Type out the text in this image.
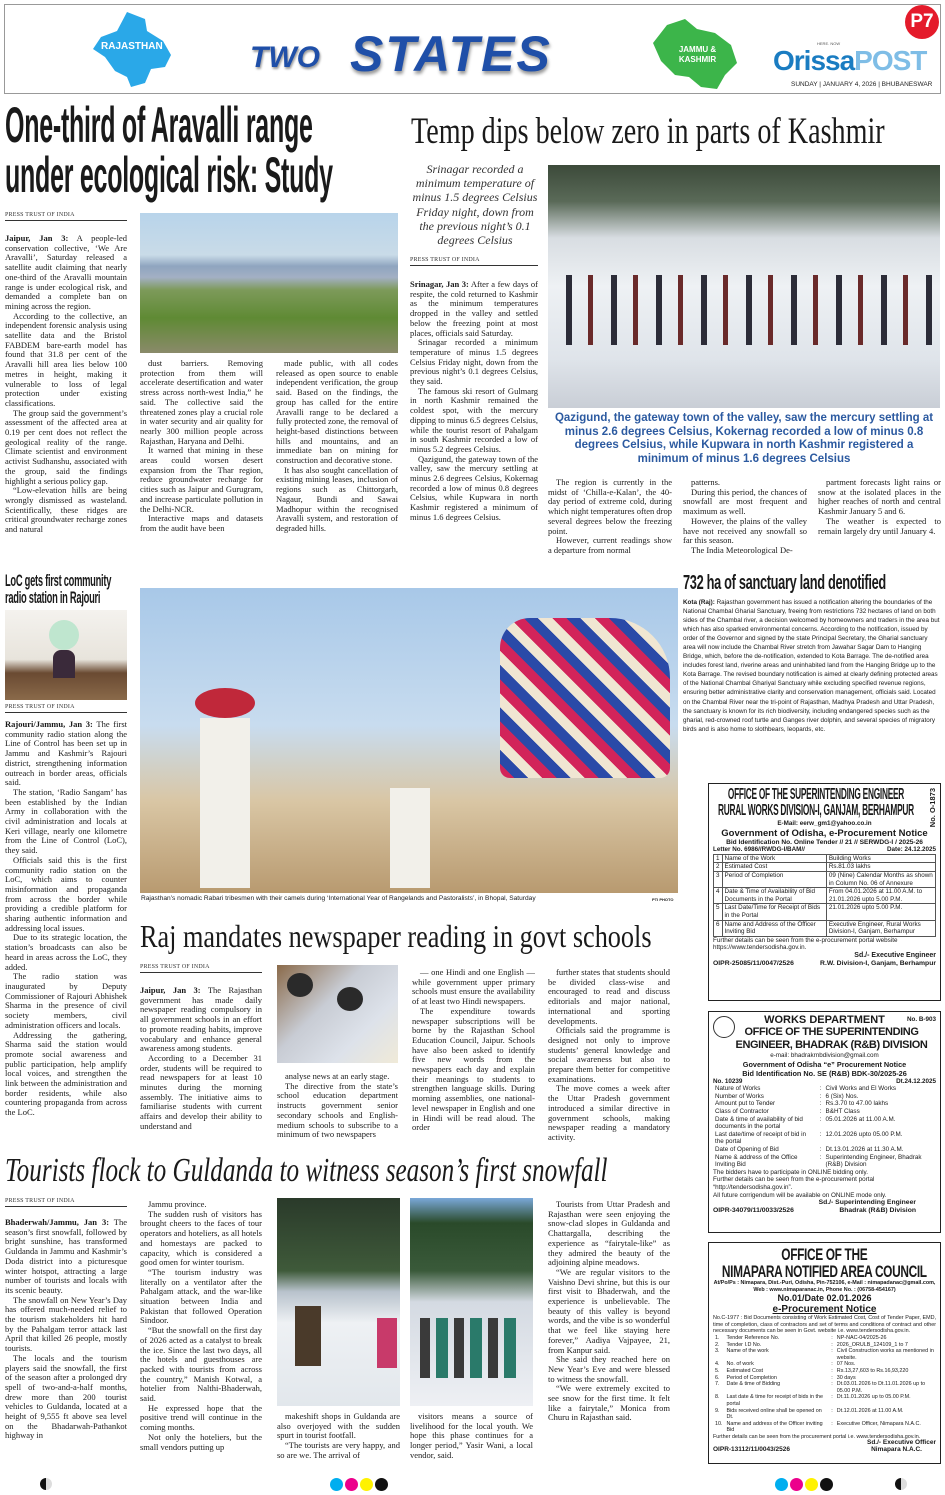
RAJASTHAN	TWO STATES	JAMMU &
KASHMIR
P7
OrissaPOST
HERE. NOW
SUNDAY | JANUARY 4, 2026 | BHUBANESWAR
One-third of Aravalli range
under ecological risk: Study
PRESS TRUST OF INDIA

Jaipur, Jan 3: A people-led conservation collective, ‘We Are Aravalli’, Saturday released a satellite audit claiming that nearly one-third of the Aravalli mountain range is under ecological risk, and demanded a complete ban on mining across the region.

According to the collective, an independent forensic analysis using satellite data and the Bristol FABDEM bare-earth model has found that 31.8 per cent of the Aravalli hill area lies below 100 metres in height, making it vulnerable to loss of legal protection under existing classifications.

The group said the government’s assessment of the affected area at 0.19 per cent does not reflect the geological reality of the range. Climate scientist and environment activist Sudhanshu, associated with the group, said the findings highlight a serious policy gap.

“Low-elevation hills are being wrongly dismissed as wasteland. Scientifically, these ridges are critical groundwater recharge zones and natural

dust barriers. Removing protection from them will accelerate desertification and water stress across north-west India,” he said. The collective said the threatened zones play a crucial role in water security and air quality for nearly 300 million people across Rajasthan, Haryana and Delhi.

It warned that mining in these areas could worsen desert expansion from the Thar region, reduce groundwater recharge for cities such as Jaipur and Gurugram, and increase particulate pollution in the Delhi-NCR.

Interactive maps and datasets from the audit have been

made public, with all codes released as open source to enable independent verification, the group said. Based on the findings, the group has called for the entire Aravalli range to be declared a fully protected zone, the removal of height-based distinctions between hills and mountains, and an immediate ban on mining for construction and decorative stone.

It has also sought cancellation of existing mining leases, inclusion of regions such as Chittorgarh, Nagaur, Bundi and Sawai Madhopur within the recognised Aravalli system, and restoration of degraded hills.

Temp dips below zero in parts of Kashmir
Srinagar recorded a minimum temperature of minus 1.5 degrees Celsius Friday night, down from the previous night’s 0.1 degrees Celsius
PRESS TRUST OF INDIA

Srinagar, Jan 3: After a few days of respite, the cold returned to Kashmir as the minimum temperatures dropped in the valley and settled below the freezing point at most places, officials said Saturday.

Srinagar recorded a minimum temperature of minus 1.5 degrees Celsius Friday night, down from the previous night’s 0.1 degrees Celsius, they said.

The famous ski resort of Gulmarg in north Kashmir remained the coldest spot, with the mercury dipping to minus 6.5 degrees Celsius, while the tourist resort of Pahalgam in south Kashmir recorded a low of minus 5.2 degrees Celsius.

Qazigund, the gateway town of the valley, saw the mercury settling at minus 2.6 degrees Celsius, Kokernag recorded a low of minus 0.8 degrees Celsius, while Kupwara in north Kashmir registered a minimum of minus 1.6 degrees Celsius.

Qazigund, the gateway town of the valley, saw the mercury settling at minus 2.6 degrees Celsius, Kokernag recorded a low of minus 0.8 degrees Celsius, while Kupwara in north Kashmir registered a minimum of minus 1.6 degrees Celsius

The region is currently in the midst of ‘Chilla-e-Kalan’, the 40-day period of extreme cold, during which night temperatures often drop several degrees below the freezing point.

However, current readings show a departure from normal

patterns.

During this period, the chances of snowfall are most frequent and maximum as well.

However, the plains of the valley have not received any snowfall so far this season.

The India Meteorological De-

partment forecasts light rains or snow at the isolated places in the higher reaches of north and central Kashmir January 5 and 6.

The weather is expected to remain largely dry until January 4.

LoC gets first community
radio station in Rajouri
PRESS TRUST OF INDIA

Rajouri/Jammu, Jan 3: The first community radio station along the Line of Control has been set up in Jammu and Kashmir’s Rajouri district, strengthening information outreach in border areas, officials said.

The station, ‘Radio Sangam’ has been established by the Indian Army in collaboration with the civil administration and locals at Keri village, nearly one kilometre from the Line of Control (LoC), they said.

Officials said this is the first community radio station on the LoC, which aims to counter misinformation and propaganda from across the border while providing a credible platform for sharing authentic information and addressing local issues.

Due to its strategic location, the station’s broadcasts can also be heard in areas across the LoC, they added.

The radio station was inaugurated by Deputy Commissioner of Rajouri Abhishek Sharma in the presence of civil society members, civil administration officers and locals.

Addressing the gathering, Sharma said the station would promote social awareness and public participation, help amplify local voices, and strengthen the link between the administration and border residents, while also countering propaganda from across the LoC.

Rajasthan’s nomadic Rabari tribesmen with their camels during ‘International Year of Rangelands and Pastoralists’, in Bhopal, Saturday	PTI PHOTO
732 ha of sanctuary land denotified
Kota (Raj): Rajasthan government has issued a notification altering the boundaries of the National Chambal Gharial Sanctuary, freeing from restrictions 732 hectares of land on both sides of the Chambal river, a decision welcomed by homeowners and traders in the area but which has also sparked environmental concerns. According to the notification, issued by order of the Governor and signed by the state Principal Secretary, the Gharial sanctuary area will now include the Chambal River stretch from Jawahar Sagar Dam to Hanging Bridge, which, before the de-notification, extended to Kota Barrage. The de-notified area includes forest land, riverine areas and uninhabited land from the Hanging Bridge up to the Kota Barrage. The revised boundary notification is aimed at clearly defining protected areas of the National Chambal Ghariyal Sanctuary while excluding specified revenue regions, ensuring better administrative clarity and conservation management, officials said. Located on the Chambal River near the tri-point of Rajasthan, Madhya Pradesh and Uttar Pradesh, the sanctuary is known for its rich biodiversity, including endangered species such as the gharial, red-crowned roof turtle and Ganges river dolphin, and several species of migratory birds and is also home to slothbears, leopards, etc.
Raj mandates newspaper reading in govt schools
PRESS TRUST OF INDIA

Jaipur, Jan 3: The Rajasthan government has made daily newspaper reading compulsory in all government schools in an effort to promote reading habits, improve vocabulary and enhance general awareness among students.

According to a December 31 order, students will be required to read newspapers for at least 10 minutes during the morning assembly. The initiative aims to familiarise students with current affairs and develop their ability to understand and

analyse news at an early stage.

The directive from the state’s school education department instructs government senior secondary schools and English-medium schools to subscribe to a minimum of two newspapers

— one Hindi and one English — while government upper primary schools must ensure the availability of at least two Hindi newspapers.

The expenditure towards newspaper subscriptions will be borne by the Rajasthan School Education Council, Jaipur. Schools have also been asked to identify five new words from the newspapers each day and explain their meanings to students to strengthen language skills. During morning assemblies, one national-level newspaper in English and one in Hindi will be read aloud. The order

further states that students should be divided class-wise and encouraged to read and discuss editorials and major national, international and sporting developments.

Officials said the programme is designed not only to improve students’ general knowledge and social awareness but also to prepare them better for competitive examinations.

The move comes a week after the Uttar Pradesh government introduced a similar directive in government schools, making newspaper reading a mandatory activity.

Tourists flock to Guldanda to witness season’s first snowfall
PRESS TRUST OF INDIA

Bhaderwah/Jammu, Jan 3: The season’s first snowfall, followed by bright sunshine, has transformed Guldanda in Jammu and Kashmir’s Doda district into a picturesque winter hotspot, attracting a large number of tourists and locals with its scenic beauty.

The snowfall on New Year’s Day has offered much-needed relief to the tourism stakeholders hit hard by the Pahalgam terror attack last April that killed 26 people, mostly tourists.

The locals and the tourism players said the snowfall, the first of the season after a prolonged dry spell of two-and-a-half months, drew more than 200 tourist vehicles to Guldanda, located at a height of 9,555 ft above sea level on the Bhadarwah-Pathankot highway in

Jammu province.

The sudden rush of visitors has brought cheers to the faces of tour operators and hoteliers, as all hotels and homestays are packed to capacity, which is considered a good omen for winter tourism.

“The tourism industry was literally on a ventilator after the Pahalgam attack, and the war-like situation between India and Pakistan that followed Operation Sindoor.

“But the snowfall on the first day of 2026 acted as a catalyst to break the ice. Since the last two days, all the hotels and guesthouses are packed with tourists from across the country,” Manish Kotwal, a hotelier from Nalthi-Bhaderwah, said.

He expressed hope that the positive trend will continue in the coming months.

Not only the hoteliers, but the small vendors putting up

makeshift shops in Guldanda are also overjoyed with the sudden spurt in tourist footfall.

“The tourists are very happy, and so are we. The arrival of

visitors means a source of livelihood for the local youth. We hope this phase continues for a longer period,” Yasir Wani, a local vendor, said.

Tourists from Uttar Pradesh and Rajasthan were seen enjoying the snow-clad slopes in Guldanda and Chattargalla, describing the experience as “fairytale-like” as they admired the beauty of the adjoining alpine meadows.

“We are regular visitors to the Vaishno Devi shrine, but this is our first visit to Bhaderwah, and the experience is unbelievable. The beauty of this valley is beyond words, and the vibe is so wonderful that we feel like staying here forever,” Aadiya Vajpayee, 21, from Kanpur said.

She said they reached here on New Year’s Eve and were blessed to witness the snowfall.

“We were extremely excited to see snow for the first time. It felt like a fairytale,” Monica from Churu in Rajasthan said.

OFFICE OF THE SUPERINTENDING ENGINEER
RURAL WORKS DIVISION-I, GANJAM, BERHAMPUR	No. O-1873
E-Mail: eerw_gm1@yahoo.co.in
Government of Odisha, e-Procurement Notice
Bid Identification No. Online Tender // 21 // SERWDG-I / 2025-26
Letter No. 6986//RWDG-I/BAM//	Date: 24.12.2025
1	Name of the Work	Building Works
2	Estimated Cost	Rs.81.03 lakhs
3	Period of Completion	09 (Nine) Calendar Months as shown in Column No. 06 of Annexure
4	Date & Time of Availability of Bid Documents in the Portal	From 04.01.2026 at 11.00 A.M. to 21.01.2026 upto 5.00 P.M.
5	Last Date/Time for Receipt of Bids in the Portal	21.01.2026 upto 5.00 P.M.
6	Name and Address of the Officer Inviting Bid	Executive Engineer, Rural Works Division-I, Ganjam, Berhampur
Further details can be seen from the e-procurement portal website https://www.tendersodisha.gov.in.
Sd./- Executive Engineer
OIPR-25085/11/0047/2526	R.W. Division-I, Ganjam, Berhampur
No. B-903
WORKS DEPARTMENT
OFFICE OF THE SUPERINTENDING
ENGINEER, BHADRAK (R&B) DIVISION
e-mail: bhadrakrnbdivision@gmail.com
Government of Odisha “e” Procurement Notice
Bid Identification No. SE (R&B) BDK-30/2025-26
No. 10239	Dt.24.12.2025
Nature of Works	:	Civil Works and El Works
Number of Works	:	6 (Six) Nos.
Amount put to Tender	:	Rs.3.70 to 47.00 lakhs
Class of Contractor	:	B&HT Class
Date & time of availability of bid documents in the portal	:	05.01.2026 at 11.00 A.M.
Last date/time of receipt of bid in the portal	:	12.01.2026 upto 05.00 P.M.
Date of Opening of Bid	:	Dt.13.01.2026 at 11.30 A.M.
Name & address of the Office Inviting Bid	:	Superintending Engineer, Bhadrak (R&B) Division
The bidders have to participate in ONLINE bidding only.
Further details can be seen from the e-procurement portal “http://tendersodisha.gov.in”.
All future corrigendum will be available on ONLINE mode only.
Sd./- Superintending Engineer
OIPR-34079/11/0033/2526	Bhadrak (R&B) Division
OFFICE OF THE
NIMAPARA NOTIFIED AREA COUNCIL
At/Po/Ps : Nimapara, Dist.-Puri, Odisha, Pin-752106, e-Mail : nimapadanac@gmail.com,
Web : www.nimaparanac.in, Phone No. : (06758-454167)
No.01/Date 02.01.2026
e-Procurement Notice
No.C-1977 : Bid Documents consisting of Work Estimated Cost, Cost of Tender Paper, EMD, time of completion, class of contractors and set of terms and conditions of contract and other necessary documents can be seen in Govt. website i.e. www.tendersodisha.gov.in.
1.	Tender Reference No.	:	NP-NAC-04/2025-26
2.	Tender I.D No.	:	2026_ORULB_124109_1 to 7
3.	Name of the work	:	Civil Construction works as mentioned in website.
4.	No. of work	:	07 Nos.
5.	Estimated Cost	:	Rs.13,27,603 to Rs.16,93,220
6.	Period of Completion	:	30 days
7.	Date & time of Bidding	:	Dt.03.01.2026 to Dt.11.01.2026 up to 05.00 P.M.
8.	Last date & time for receipt of bids in the portal	:	Dt.11.01.2026 up to 05.00 P.M.
9.	Bids received online shall be opened on Dt.	:	Dt.12.01.2026 at 11.00 A.M.
10.	Name and address of the Officer inviting Bid	:	Executive Officer, Nimapara N.A.C.
Further details can be seen from the procurement portal i.e. www.tendersodisha.gov.in.
Sd./- Executive Officer
OIPR-13112/11/0043/2526	Nimapara N.A.C.
